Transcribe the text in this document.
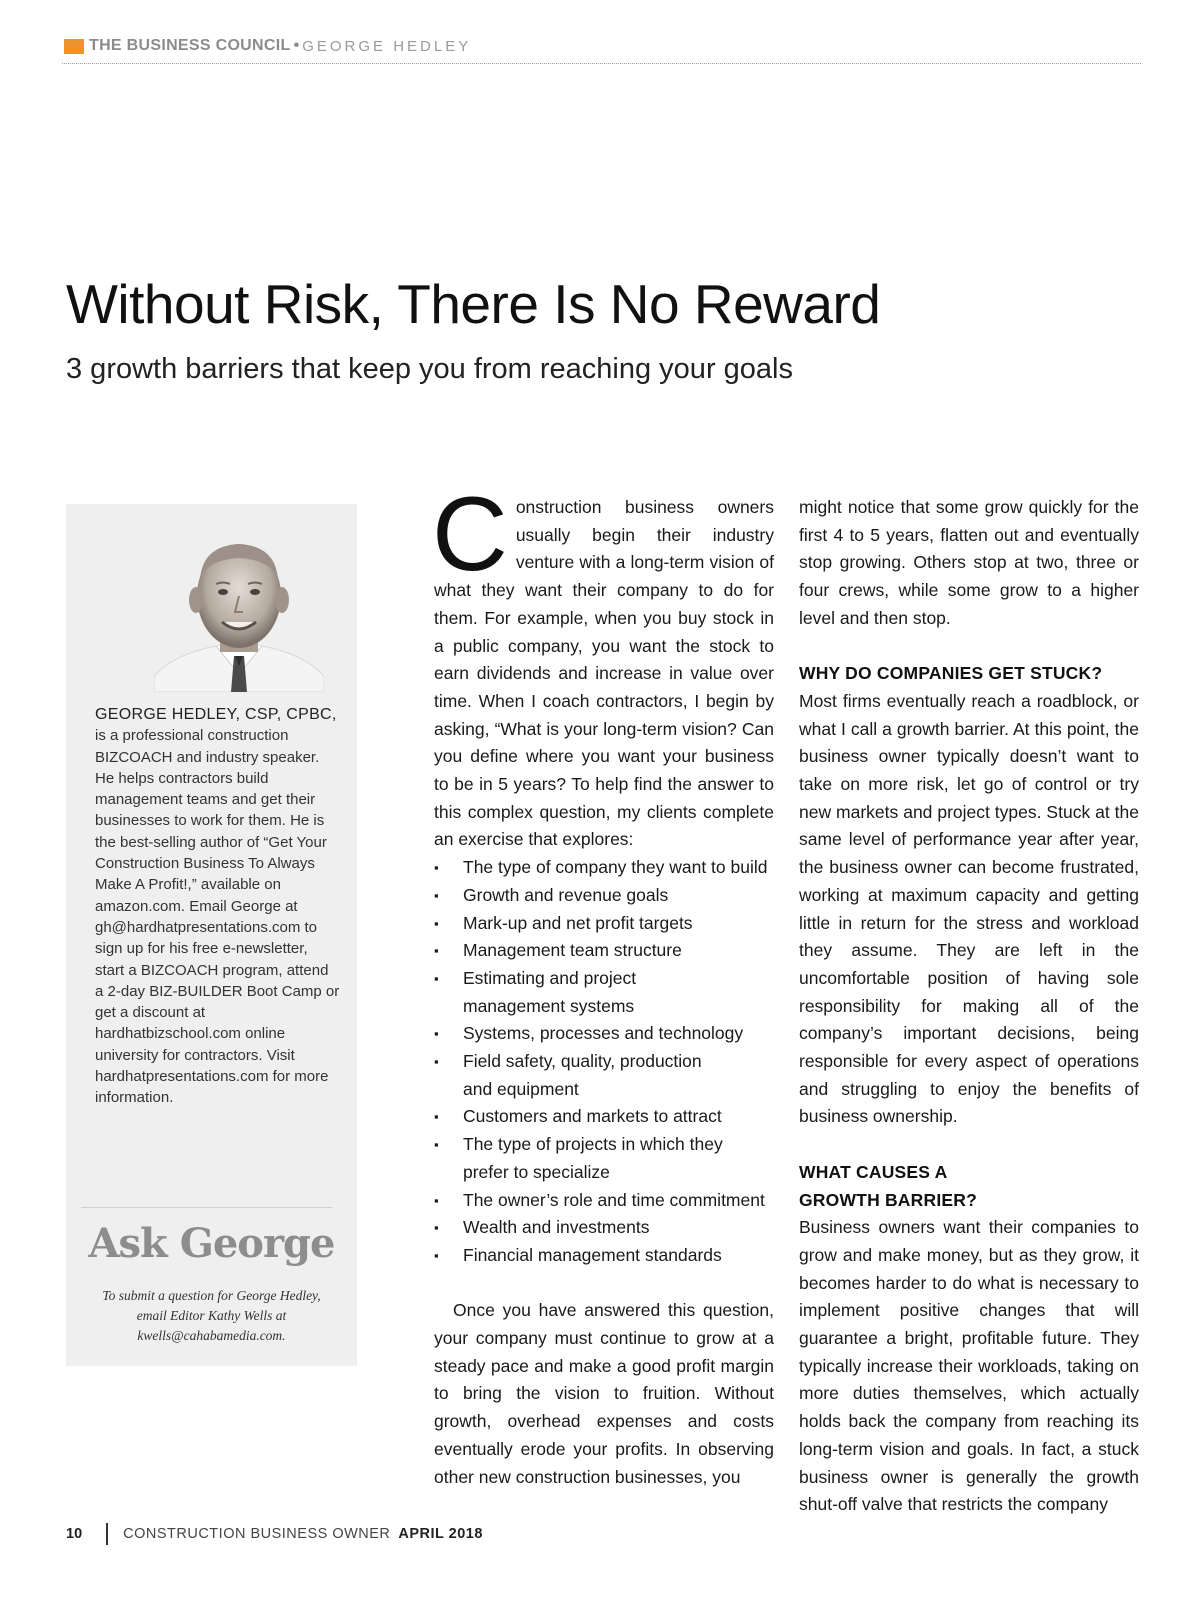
THE BUSINESS COUNCIL • GEORGE HEDLEY
Without Risk, There Is No Reward
3 growth barriers that keep you from reaching your goals
GEORGE HEDLEY, CSP, CPBC, is a professional construction BIZCOACH and industry speaker. He helps contractors build management teams and get their businesses to work for them. He is the best-selling author of “Get Your Construction Business To Always Make A Profit!,” available on amazon.com. Email George at gh@hardhatpresentations.com to sign up for his free e-newsletter, start a BIZCOACH program, attend a 2-day BIZ-BUILDER Boot Camp or get a discount at hardhatbizschool.com online university for contractors. Visit hardhatpresentations.com for more information.
Ask George
To submit a question for George Hedley, email Editor Kathy Wells at kwells@cahabamedia.com.

Construction business owners usually begin their industry venture with a long-term vision of what they want their company to do for them. For example, when you buy stock in a public company, you want the stock to earn dividends and increase in value over time. When I coach contractors, I begin by asking, “What is your long-term vision? Can you define where you want your business to be in 5 years? To help find the answer to this complex question, my clients complete an exercise that explores:

▪ The type of company they want to build
▪ Growth and revenue goals
▪ Mark-up and net profit targets
▪ Management team structure
▪ Estimating and project management systems
▪ Systems, processes and technology
▪ Field safety, quality, production and equipment
▪ Customers and markets to attract
▪ The type of projects in which they prefer to specialize
▪ The owner’s role and time commitment
▪ Wealth and investments
▪ Financial management standards

Once you have answered this question, your company must continue to grow at a steady pace and make a good profit margin to bring the vision to fruition. Without growth, overhead expenses and costs eventually erode your profits. In observing other new construction businesses, you

might notice that some grow quickly for the first 4 to 5 years, flatten out and eventually stop growing. Others stop at two, three or four crews, while some grow to a higher level and then stop.

WHY DO COMPANIES GET STUCK?

Most firms eventually reach a roadblock, or what I call a growth barrier. At this point, the business owner typically doesn’t want to take on more risk, let go of control or try new markets and project types. Stuck at the same level of performance year after year, the business owner can become frustrated, working at maximum capacity and getting little in return for the stress and workload they assume. They are left in the uncomfortable position of having sole responsibility for making all of the company’s important decisions, being responsible for every aspect of operations and struggling to enjoy the benefits of business ownership.

WHAT CAUSES A
GROWTH BARRIER?

Business owners want their companies to grow and make money, but as they grow, it becomes harder to do what is necessary to implement positive changes that will guarantee a bright, profitable future. They typically increase their workloads, taking on more duties themselves, which actually holds back the company from reaching its long-term vision and goals. In fact, a stuck business owner is generally the growth shut-off valve that restricts the company

10	CONSTRUCTION BUSINESS OWNER APRIL 2018
